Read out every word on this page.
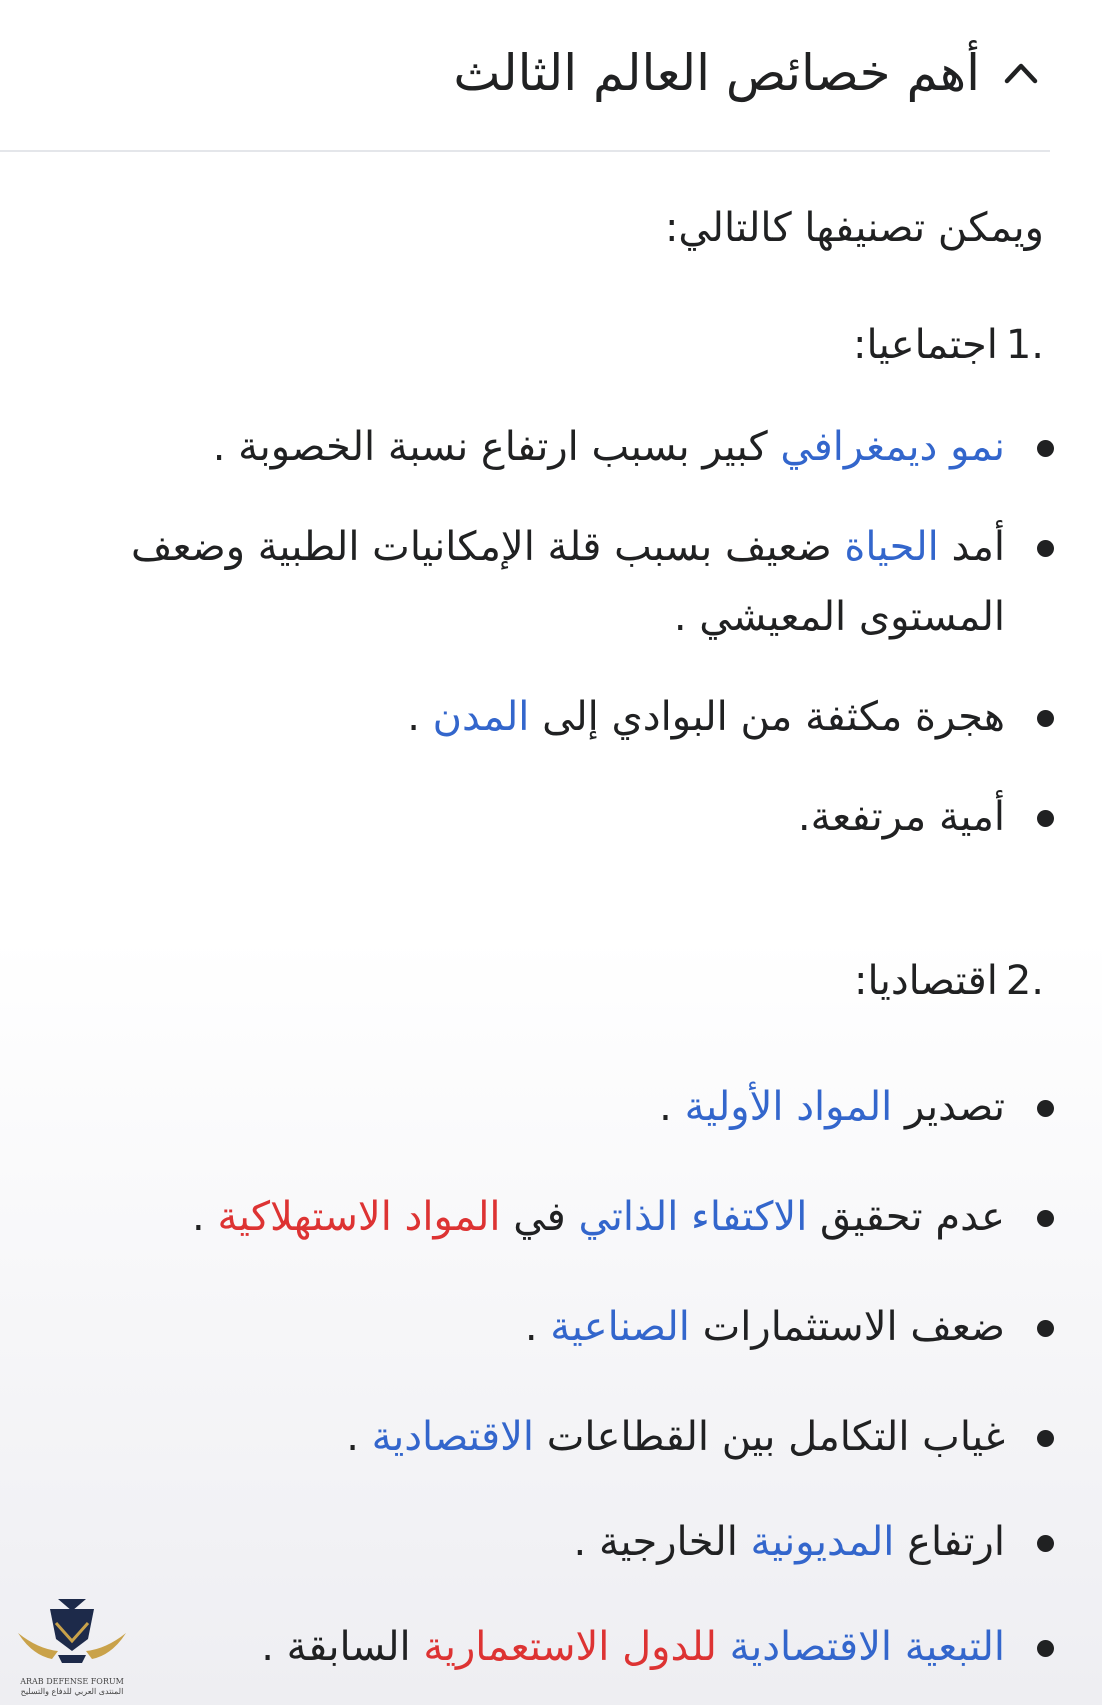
أهم خصائص العالم الثالث

ويمكن تصنيفها كالتالي:

1.
اجتماعيا:
نمو ديمغرافي كبير بسبب ارتفاع نسبة الخصوبة .
أمد الحياة ضعيف بسبب قلة الإمكانيات الطبية وضعف المستوى المعيشي .
هجرة مكثفة من البوادي إلى المدن .
أمية مرتفعة.
2.
اقتصاديا:
تصدير المواد الأولية .
عدم تحقيق الاكتفاء الذاتي في المواد الاستهلاكية .
ضعف الاستثمارات الصناعية .
غياب التكامل بين القطاعات الاقتصادية .
ارتفاع المديونية الخارجية .
التبعية الاقتصادية للدول الاستعمارية السابقة .
ARAB DEFENSE FORUM
المنتدى العربي للدفاع والتسليح
